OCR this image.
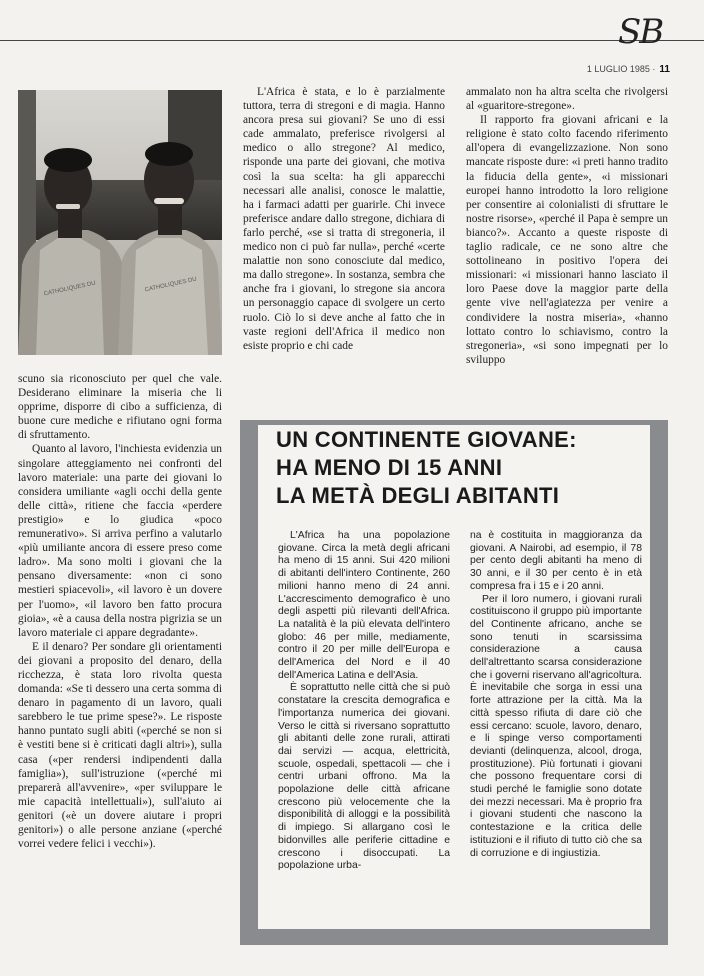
SB
1 LUGLIO 1985 · 11
CATHOLIQUES DU	CATHOLIQUES DU

scuno sia riconosciuto per quel che vale. Desiderano eliminare la miseria che li opprime, disporre di cibo a sufficienza, di buone cure mediche e rifiutano ogni forma di sfruttamento.

Quanto al lavoro, l'inchiesta evidenzia un singolare atteggiamento nei confronti del lavoro materiale: una parte dei giovani lo considera umiliante «agli occhi della gente delle città», ritiene che faccia «perdere prestigio» e lo giudica «poco remunerativo». Si arriva perfino a valutarlo «più umiliante ancora di essere preso come ladro». Ma sono molti i giovani che la pensano diversamente: «non ci sono mestieri spiacevoli», «il lavoro è un dovere per l'uomo», «il lavoro ben fatto procura gioia», «è a causa della nostra pigrizia se un lavoro materiale ci appare degradante».

E il denaro? Per sondare gli orientamenti dei giovani a proposito del denaro, della ricchezza, è stata loro rivolta questa domanda: «Se ti dessero una certa somma di denaro in pagamento di un lavoro, quali sarebbero le tue prime spese?». Le risposte hanno puntato sugli abiti («perché se non si è vestiti bene si è criticati dagli altri»), sulla casa («per rendersi indipendenti dalla famiglia»), sull'istruzione («perché mi preparerà all'avvenire», «per sviluppare le mie capacità intellettuali»), sull'aiuto ai genitori («è un dovere aiutare i propri genitori») o alle persone anziane («perché vorrei vedere felici i vecchi»).

L'Africa è stata, e lo è parzialmente tuttora, terra di stregoni e di magia. Hanno ancora presa sui giovani? Se uno di essi cade ammalato, preferisce rivolgersi al medico o allo stregone? Al medico, risponde una parte dei giovani, che motiva così la sua scelta: ha gli apparecchi necessari alle analisi, conosce le malattie, ha i farmaci adatti per guarirle. Chi invece preferisce andare dallo stregone, dichiara di farlo perché, «se si tratta di stregoneria, il medico non ci può far nulla», perché «certe malattie non sono conosciute dal medico, ma dallo stregone». In sostanza, sembra che anche fra i giovani, lo stregone sia ancora un personaggio capace di svolgere un certo ruolo. Ciò lo si deve anche al fatto che in vaste regioni dell'Africa il medico non esiste proprio e chi cade

ammalato non ha altra scelta che rivolgersi al «guaritore-stregone».

Il rapporto fra giovani africani e la religione è stato colto facendo riferimento all'opera di evangelizzazione. Non sono mancate risposte dure: «i preti hanno tradito la fiducia della gente», «i missionari europei hanno introdotto la loro religione per consentire ai colonialisti di sfruttare le nostre risorse», «perché il Papa è sempre un bianco?». Accanto a queste risposte di taglio radicale, ce ne sono altre che sottolineano in positivo l'opera dei missionari: «i missionari hanno lasciato il loro Paese dove la maggior parte della gente vive nell'agiatezza per venire a condividere la nostra miseria», «hanno lottato contro lo schiavismo, contro la stregoneria», «si sono impegnati per lo sviluppo

UN CONTINENTE GIOVANE:
HA MENO DI 15 ANNI
LA METÀ DEGLI ABITANTI

L'Africa ha una popolazione giovane. Circa la metà degli africani ha meno di 15 anni. Sui 420 milioni di abitanti dell'intero Continente, 260 milioni hanno meno di 24 anni. L'accrescimento demografico è uno degli aspetti più rilevanti dell'Africa. La natalità è la più elevata dell'intero globo: 46 per mille, mediamente, contro il 20 per mille dell'Europa e dell'America del Nord e il 40 dell'America Latina e dell'Asia.

È soprattutto nelle città che si può constatare la crescita demografica e l'importanza numerica dei giovani. Verso le città si riversano soprattutto gli abitanti delle zone rurali, attirati dai servizi — acqua, elettricità, scuole, ospedali, spettacoli — che i centri urbani offrono. Ma la popolazione delle città africane crescono più velocemente che la disponibilità di alloggi e la possibilità di impiego. Si allargano così le bidonvilles alle periferie cittadine e crescono i disoccupati. La popolazione urba-

na è costituita in maggioranza da giovani. A Nairobi, ad esempio, il 78 per cento degli abitanti ha meno di 30 anni, e il 30 per cento è in età compresa fra i 15 e i 20 anni.

Per il loro numero, i giovani rurali costituiscono il gruppo più importante del Continente africano, anche se sono tenuti in scarsissima considerazione a causa dell'altrettanto scarsa considerazione che i governi riservano all'agricoltura. È inevitabile che sorga in essi una forte attrazione per la città. Ma la città spesso rifiuta di dare ciò che essi cercano: scuole, lavoro, denaro, e li spinge verso comportamenti devianti (delinquenza, alcool, droga, prostituzione). Più fortunati i giovani che possono frequentare corsi di studi perché le famiglie sono dotate dei mezzi necessari. Ma è proprio fra i giovani studenti che nascono la contestazione e la critica delle istituzioni e il rifiuto di tutto ciò che sa di corruzione e di ingiustizia.
